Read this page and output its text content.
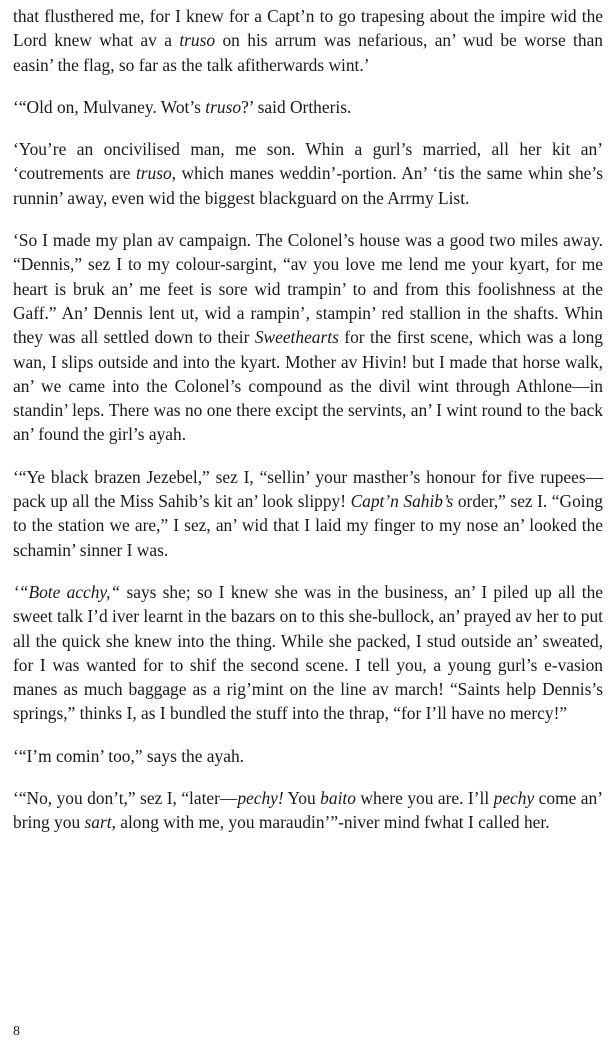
that flusthered me, for I knew for a Capt’n to go trapesing about the impire wid the Lord knew what av a truso on his arrum was nefarious, an’ wud be worse than easin’ the flag, so far as the talk afitherwards wint.’

‘“Old on, Mulvaney. Wot’s truso?’ said Ortheris.

‘You’re an oncivilised man, me son. Whin a gurl’s married, all her kit an’ ‘coutrements are truso, which manes weddin’-portion. An’ ‘tis the same whin she’s runnin’ away, even wid the biggest blackguard on the Arrmy List.

‘So I made my plan av campaign. The Colonel’s house was a good two miles away. “Dennis,” sez I to my colour-sargint, “av you love me lend me your kyart, for me heart is bruk an’ me feet is sore wid trampin’ to and from this foolishness at the Gaff.” An’ Dennis lent ut, wid a rampin’, stampin’ red stallion in the shafts. Whin they was all settled down to their Sweethearts for the first scene, which was a long wan, I slips outside and into the kyart. Mother av Hivin! but I made that horse walk, an’ we came into the Colonel’s compound as the divil wint through Athlone—in standin’ leps. There was no one there excipt the servints, an’ I wint round to the back an’ found the girl’s ayah.

‘“Ye black brazen Jezebel,” sez I, “sellin’ your masther’s honour for five rupees—pack up all the Miss Sahib’s kit an’ look slippy! Capt’n Sahib’s order,” sez I. “Going to the station we are,” I sez, an’ wid that I laid my finger to my nose an’ looked the schamin’ sinner I was.

‘“Bote acchy,“ says she; so I knew she was in the business, an’ I piled up all the sweet talk I’d iver learnt in the bazars on to this she-bullock, an’ prayed av her to put all the quick she knew into the thing. While she packed, I stud outside an’ sweated, for I was wanted for to shif the second scene. I tell you, a young gurl’s e-vasion manes as much baggage as a rig’mint on the line av march! “Saints help Dennis’s springs,” thinks I, as I bundled the stuff into the thrap, “for I’ll have no mercy!”

‘“I’m comin’ too,” says the ayah.

‘“No, you don’t,” sez I, “later—pechy! You baito where you are. I’ll pechy come an’ bring you sart, along with me, you maraudin’”-niver mind fwhat I called her.

8
